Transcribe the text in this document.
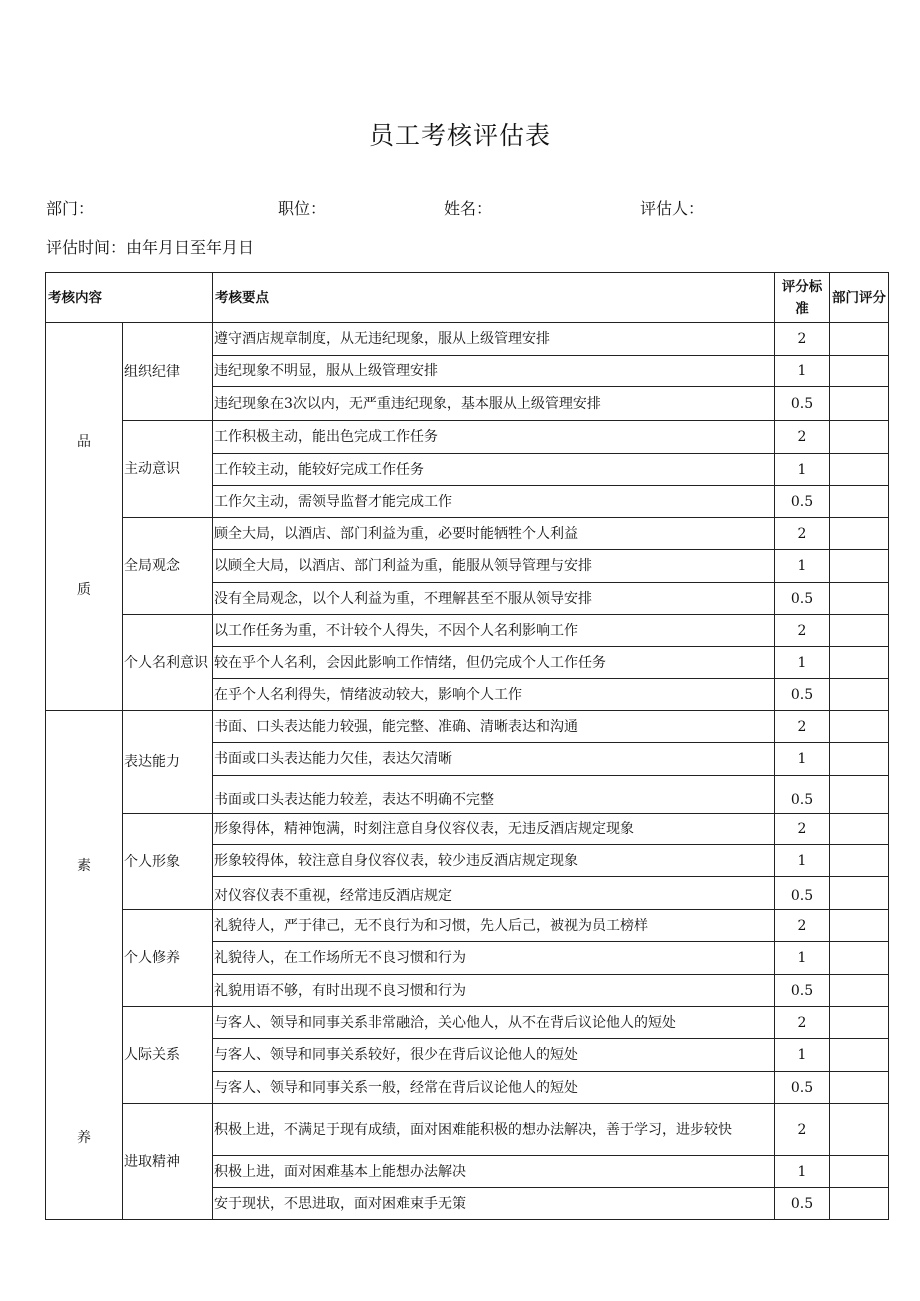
员工考核评估表
部门：	职位：	姓名：	评估人：
评估时间：由年月日至年月日
考核内容		考核要点	评分标准	部门评分

品
质	组织纪律	遵守酒店规章制度，从无违纪现象，服从上级管理安排	2	
		违纪现象不明显，服从上级管理安排	1	
		违纪现象在3次以内，无严重违纪现象，基本服从上级管理安排	0.5	
	主动意识	工作积极主动，能出色完成工作任务	2	
		工作较主动，能较好完成工作任务	1	
		工作欠主动，需领导监督才能完成工作	0.5	
	全局观念	顾全大局，以酒店、部门利益为重，必要时能牺牲个人利益	2	
		以顾全大局，以酒店、部门利益为重，能服从领导管理与安排	1	
		没有全局观念，以个人利益为重，不理解甚至不服从领导安排	0.5	
	个人名利意识	以工作任务为重，不计较个人得失，不因个人名利影响工作	2	
		较在乎个人名利，会因此影响工作情绪，但仍完成个人工作任务	1	
		在乎个人名利得失，情绪波动较大，影响个人工作	0.5	

素
养	表达能力	书面、口头表达能力较强，能完整、准确、清晰表达和沟通	2	
		书面或口头表达能力欠佳，表达欠清晰	1	
		书面或口头表达能力较差，表达不明确不完整	0.5	
	个人形象	形象得体，精神饱满，时刻注意自身仪容仪表，无违反酒店规定现象	2	
		形象较得体，较注意自身仪容仪表，较少违反酒店规定现象	1	
		对仪容仪表不重视，经常违反酒店规定	0.5	
	个人修养	礼貌待人，严于律己，无不良行为和习惯，先人后己，被视为员工榜样	2	
		礼貌待人，在工作场所无不良习惯和行为	1	
		礼貌用语不够，有时出现不良习惯和行为	0.5	
	人际关系	与客人、领导和同事关系非常融洽，关心他人，从不在背后议论他人的短处	2	
		与客人、领导和同事关系较好，很少在背后议论他人的短处	1	
		与客人、领导和同事关系一般，经常在背后议论他人的短处	0.5	
	进取精神	积极上进，不满足于现有成绩，面对困难能积极的想办法解决，善于学习，进步较快	2	
		积极上进，面对困难基本上能想办法解决	1	
		安于现状，不思进取，面对困难束手无策	0.5	
